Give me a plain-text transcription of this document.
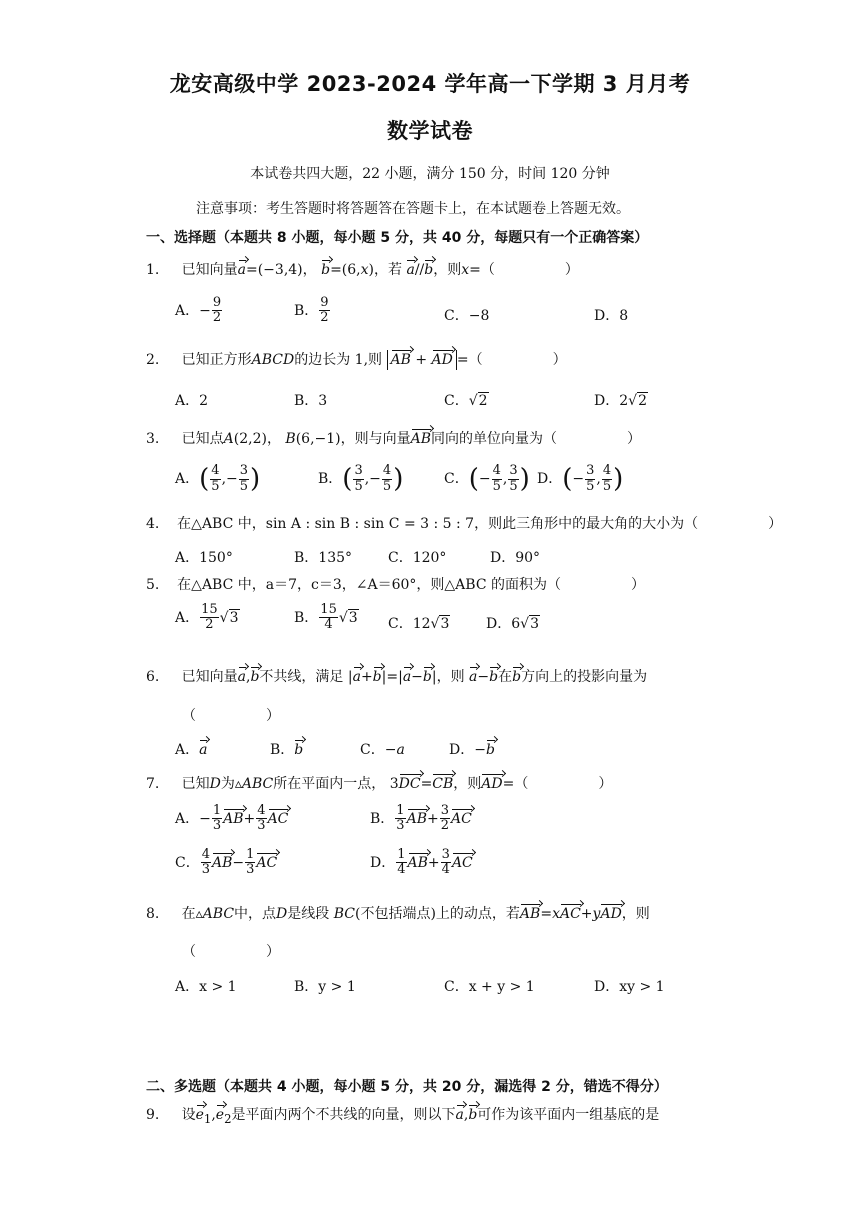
龙安高级中学 2023-2024 学年高一下学期 3 月月考
数学试卷
本试卷共四大题，22 小题，满分 150 分，时间 120 分钟
注意事项：考生答题时将答题答在答题卡上，在本试题卷上答题无效。
一、选择题（本题共 8 小题，每小题 5 分，共 40 分，每题只有一个正确答案）
1. 已知向量a=(−3,4)， b=(6,x)，若 a//b，则x=（　　　　　）
A．− $\frac{9}{2}$	B． $\frac{9}{2}$	C．−8	D．8
2. 已知正方形ABCD的边长为 1,则 AB + AD =（　　　　　）
A．2	B．3	C．√2	D．2√2
3. 已知点A(2,2)， B(6,−1)，则与向量AB同向的单位向量为（　　　　　）
A．( $\frac{4}{5}$ ,− $\frac{3}{5}$ )	B．( $\frac{3}{5}$ ,− $\frac{4}{5}$ )	C．(− $\frac{4}{5}$ , $\frac{3}{5}$ ) D．(− $\frac{3}{5}$ , $\frac{4}{5}$ )
4. 在△ABC 中，sin A : sin B : sin C = 3 : 5 : 7，则此三角形中的最大角的大小为（　　　　　）
A．150°	B．135°	C．120°	D．90°
5. 在△ABC 中，a＝7，c＝3，∠A＝60°，则△ABC 的面积为（　　　　　）
A． $\frac{15}{2} √3$	B． $\frac{15}{4} √3$ C．12√3	D．6√3
6. 已知向量a,b不共线，满足 |a+b|=|a−b|，则 a−b在b方向上的投影向量为
（　　　　　）
A．a	B．b	C．−a	D．−b
7. 已知D为▵ABC所在平面内一点， 3DC=CB，则AD=（　　　　　）
A．− $\frac{1}{3} AB+ \frac{4}{3}$ AC	B． $\frac{1}{3} AB+ \frac{3}{2}$ AC
C． $\frac{4}{3} AB- \frac{1}{3}$ AC	D． $\frac{1}{4} AB+ \frac{3}{4}$ AC
8. 在▵ABC中，点D是线段 BC(不包括端点)上的动点，若AB=xAC+yAD，则
（　　　　　）
A．x > 1	B．y > 1	C．x + y > 1	D．xy > 1
二、多选题（本题共 4 小题，每小题 5 分，共 20 分，漏选得 2 分，错选不得分）
9. 设$e_1,e_2$是平面内两个不共线的向量，则以下a,b可作为该平面内一组基底的是
